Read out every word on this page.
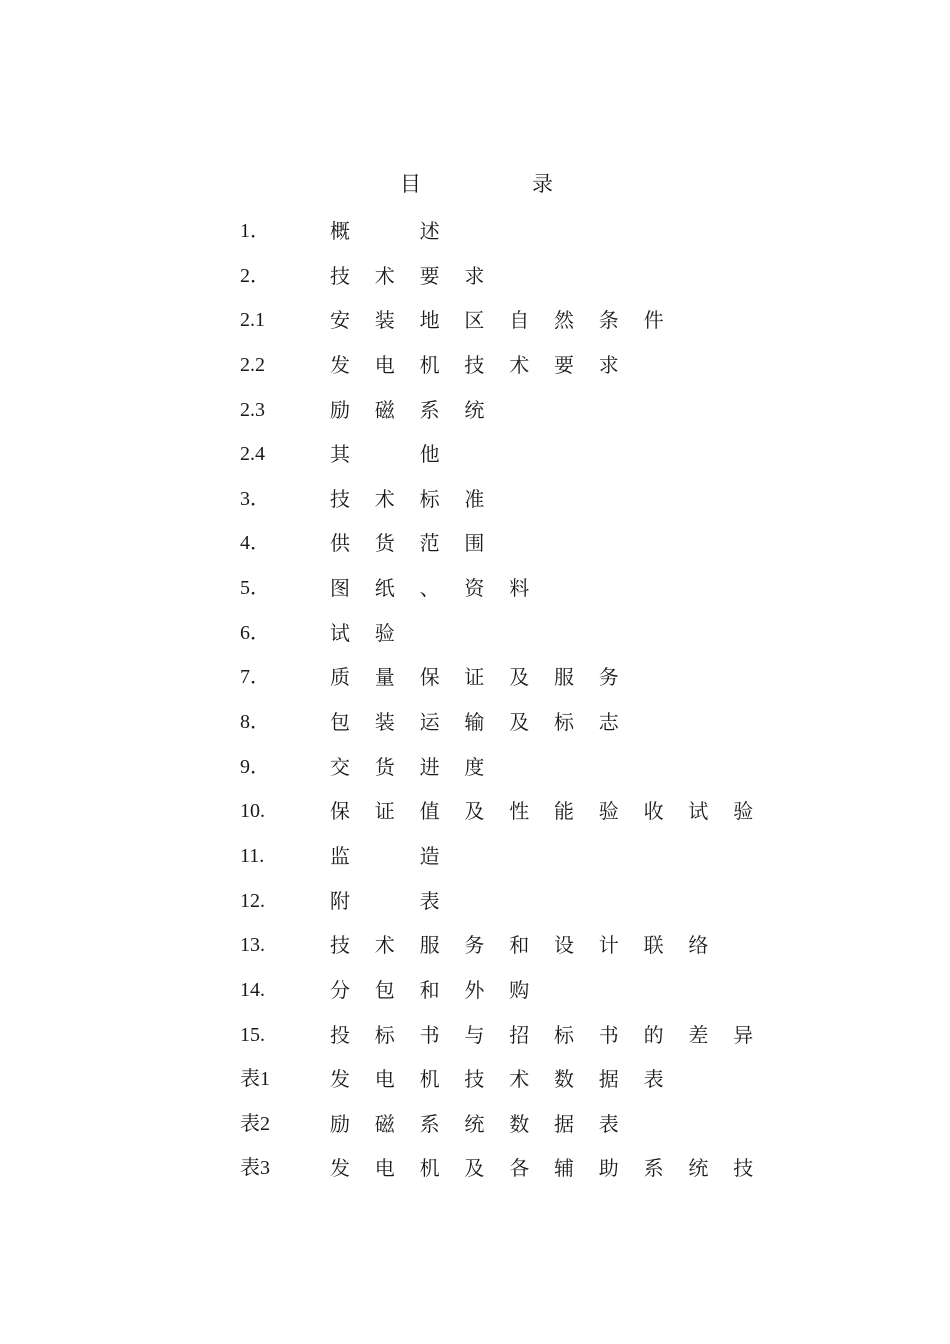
目	录
1．	概	述
2．	技 术 要 求
2.1	安 装 地 区 自 然 条 件
2.2	发 电 机 技 术 要 求
2.3	励 磁 系 统
2.4	其	他
3．	技 术 标 准
4．	供 货 范 围
5．	图 纸 、 资 料
6．	试 验
7．	质 量 保 证 及 服 务
8．	包 装 运 输 及 标 志
9．	交 货 进 度
10.	保 证 值 及 性 能 验 收 试 验
11.	监	造
12.	附	表
13.	技 术 服 务 和 设 计 联 络
14.	分 包 和 外 购
15.	投 标 书 与 招 标 书 的 差 异
表1	发 电 机 技 术 数 据 表
表2	励 磁 系 统 数 据 表
表3	发 电 机 及 各 辅 助 系 统 技
